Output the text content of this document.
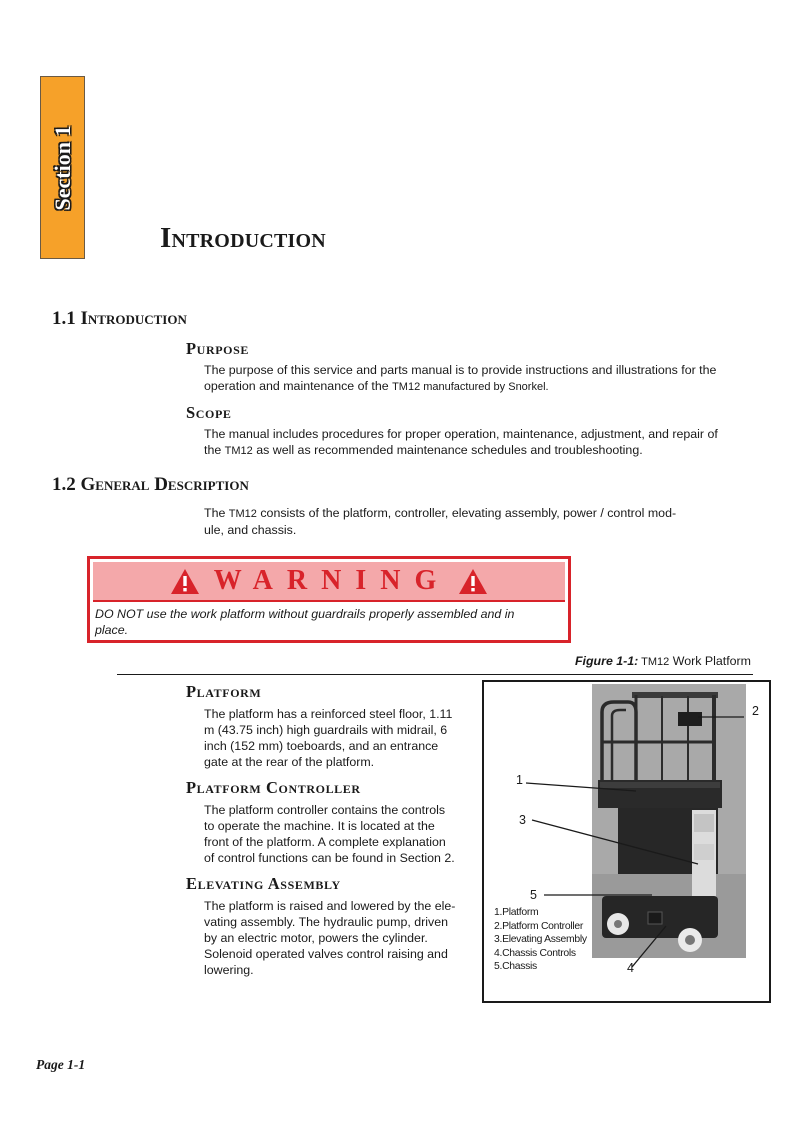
Section 1
Introduction
1.1 Introduction
Purpose

The purpose of this service and parts manual is to provide instructions and illustrations for the
operation and maintenance of the TM12 manufactured by Snorkel.

Scope

The manual includes procedures for proper operation, maintenance, adjustment, and repair of
the TM12 as well as recommended maintenance schedules and troubleshooting.

1.2 General Description

The TM12 consists of the platform, controller, elevating assembly, power / control mod-
ule, and chassis.

WARNING
DO NOT use the work platform without guardrails properly assembled and in
place.
Figure 1-1: TM12 Work Platform
Platform

The platform has a reinforced steel floor, 1.11
m (43.75 inch) high guardrails with midrail, 6
inch (152 mm) toeboards, and an entrance
gate at the rear of the platform.

Platform Controller

The platform controller contains the controls
to operate the machine. It is located at the
front of the platform. A complete explanation
of control functions can be found in Section 2.

Elevating Assembly

The platform is raised and lowered by the ele-
vating assembly. The hydraulic pump, driven
by an electric motor, powers the cylinder.
Solenoid operated valves control raising and
lowering.

1
2
3
4
5
1.Platform
2.Platform Controller
3.Elevating Assembly
4.Chassis Controls
5.Chassis
Page 1-1
